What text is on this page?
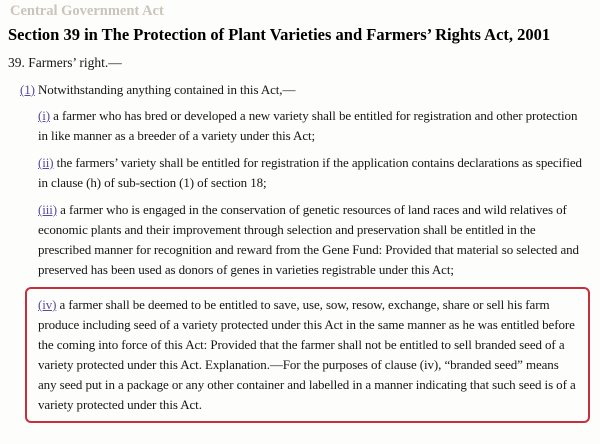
Central Government Act
Section 39 in The Protection of Plant Varieties and Farmers’ Rights Act, 2001

39. Farmers’ right.—

(1) Notwithstanding anything contained in this Act,—

(i) a farmer who has bred or developed a new variety shall be entitled for registration and other protection in like manner as a breeder of a variety under this Act;

(ii) the farmers’ variety shall be entitled for registration if the application contains declarations as specified in clause (h) of sub-section (1) of section 18;

(iii) a farmer who is engaged in the conservation of genetic resources of land races and wild relatives of economic plants and their improvement through selection and preservation shall be entitled in the prescribed manner for recognition and reward from the Gene Fund: Provided that material so selected and preserved has been used as donors of genes in varieties registrable under this Act;

(iv) a farmer shall be deemed to be entitled to save, use, sow, resow, exchange, share or sell his farm produce including seed of a variety protected under this Act in the same manner as he was entitled before the coming into force of this Act: Provided that the farmer shall not be entitled to sell branded seed of a variety protected under this Act. Explanation.—For the purposes of clause (iv), “branded seed” means any seed put in a package or any other container and labelled in a manner indicating that such seed is of a variety protected under this Act.
